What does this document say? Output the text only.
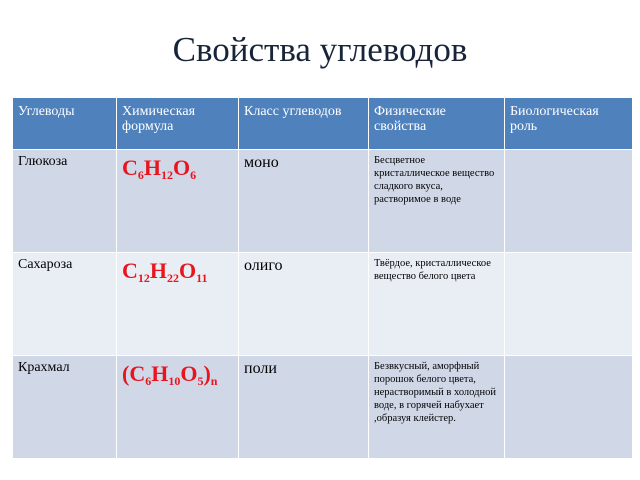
Свойства углеводов
Углеводы	Химическая формула	Класс углеводов	Физические свойства	Биологическая роль
Глюкоза	$C_6H_{12}O_6$	моно	Бесцветное кристаллическое вещество сладкого вкуса, растворимое в воде	
Сахароза	$C_{12}H_{22}O_{11}$	олиго	Твёрдое, кристаллическое вещество белого цвета	
Крахмал	$(C_6H_{10}O_5)_n$	поли	Безвкусный, аморфный порошок белого цвета, нерастворимый в холодной воде, в горячей набухает ,образуя клейстер.	
